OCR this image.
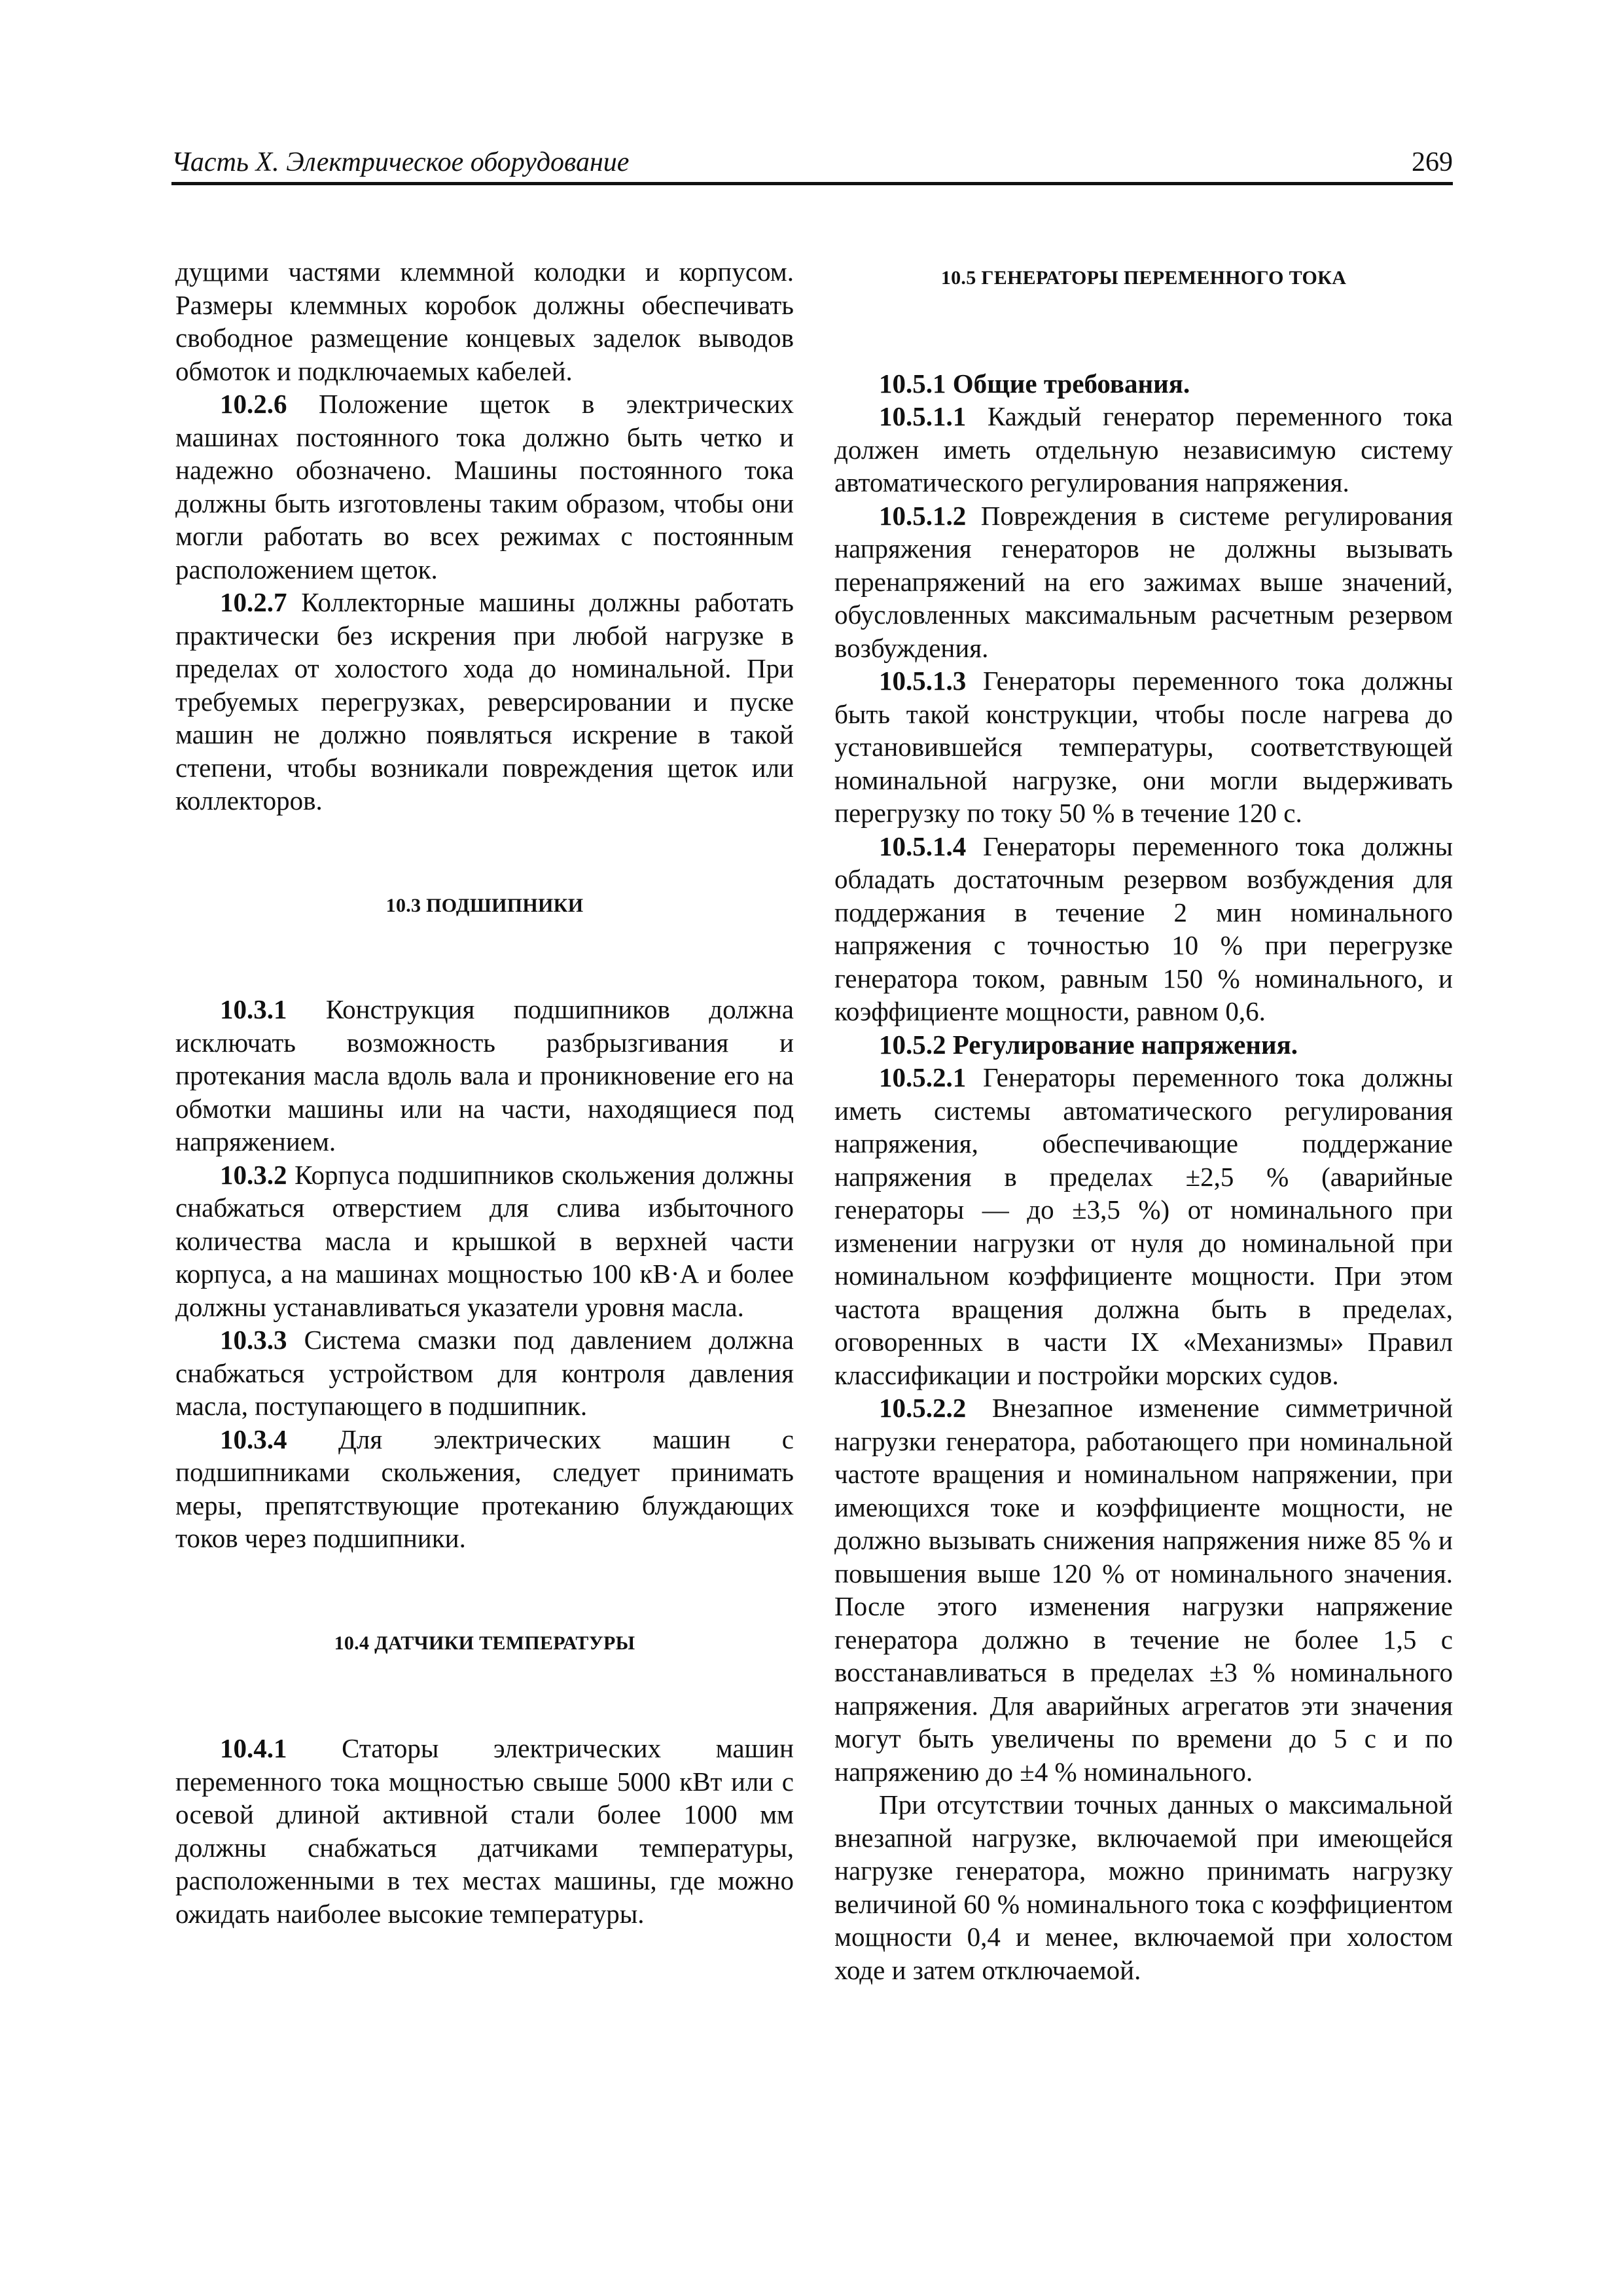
Часть X. Электрическое оборудование	269

дущими частями клеммной колодки и корпусом. Размеры клеммных коробок должны обеспечивать свободное размещение концевых заделок выводов обмоток и подключаемых кабелей.

10.2.6 Положение щеток в электрических машинах постоянного тока должно быть четко и надежно обозначено. Машины постоянного тока должны быть изготовлены таким образом, чтобы они могли работать во всех режимах с постоянным расположением щеток.

10.2.7 Коллекторные машины должны работать практически без искрения при любой нагрузке в пределах от холостого хода до номинальной. При требуемых перегрузках, реверсировании и пуске машин не должно появляться искрение в такой степени, чтобы возникали повреждения щеток или коллекторов.

10.3 ПОДШИПНИКИ

10.3.1 Конструкция подшипников должна исключать возможность разбрызгивания и протекания масла вдоль вала и проникновение его на обмотки машины или на части, находящиеся под напряжением.

10.3.2 Корпуса подшипников скольжения должны снабжаться отверстием для слива избыточного количества масла и крышкой в верхней части корпуса, а на машинах мощностью 100 кВ·А и более должны устанавливаться указатели уровня масла.

10.3.3 Система смазки под давлением должна снабжаться устройством для контроля давления масла, поступающего в подшипник.

10.3.4 Для электрических машин с подшипниками скольжения, следует принимать меры, препятствующие протеканию блуждающих токов через подшипники.

10.4 ДАТЧИКИ ТЕМПЕРАТУРЫ

10.4.1 Статоры электрических машин переменного тока мощностью свыше 5000 кВт или с осевой длиной активной стали более 1000 мм должны снабжаться датчиками температуры, расположенными в тех местах машины, где можно ожидать наиболее высокие температуры.

10.5 ГЕНЕРАТОРЫ ПЕРЕМЕННОГО ТОКА

10.5.1 Общие требования.

10.5.1.1 Каждый генератор переменного тока должен иметь отдельную независимую систему автоматического регулирования напряжения.

10.5.1.2 Повреждения в системе регулирования напряжения генераторов не должны вызывать перенапряжений на его зажимах выше значений, обусловленных максимальным расчетным резервом возбуждения.

10.5.1.3 Генераторы переменного тока должны быть такой конструкции, чтобы после нагрева до установившейся температуры, соответствующей номинальной нагрузке, они могли выдерживать перегрузку по току 50 % в течение 120 с.

10.5.1.4 Генераторы переменного тока должны обладать достаточным резервом возбуждения для поддержания в течение 2 мин номинального напряжения с точностью 10 % при перегрузке генератора током, равным 150 % номинального, и коэффициенте мощности, равном 0,6.

10.5.2 Регулирование напряжения.

10.5.2.1 Генераторы переменного тока должны иметь системы автоматического регулирования напряжения, обеспечивающие поддержание напряжения в пределах ±2,5 % (аварийные генераторы — до ±3,5 %) от номинального при изменении нагрузки от нуля до номинальной при номинальном коэффициенте мощности. При этом частота вращения должна быть в пределах, оговоренных в части IX «Механизмы» Правил классификации и постройки морских судов.

10.5.2.2 Внезапное изменение симметричной нагрузки генератора, работающего при номинальной частоте вращения и номинальном напряжении, при имеющихся токе и коэффициенте мощности, не должно вызывать снижения напряжения ниже 85 % и повышения выше 120 % от номинального значения. После этого изменения нагрузки напряжение генератора должно в течение не более 1,5 с восстанавливаться в пределах ±3 % номинального напряжения. Для аварийных агрегатов эти значения могут быть увеличены по времени до 5 с и по напряжению до ±4 % номинального.

При отсутствии точных данных о максимальной внезапной нагрузке, включаемой при имеющейся нагрузке генератора, можно принимать нагрузку величиной 60 % номинального тока с коэффициентом мощности 0,4 и менее, включаемой при холостом ходе и затем отключаемой.
